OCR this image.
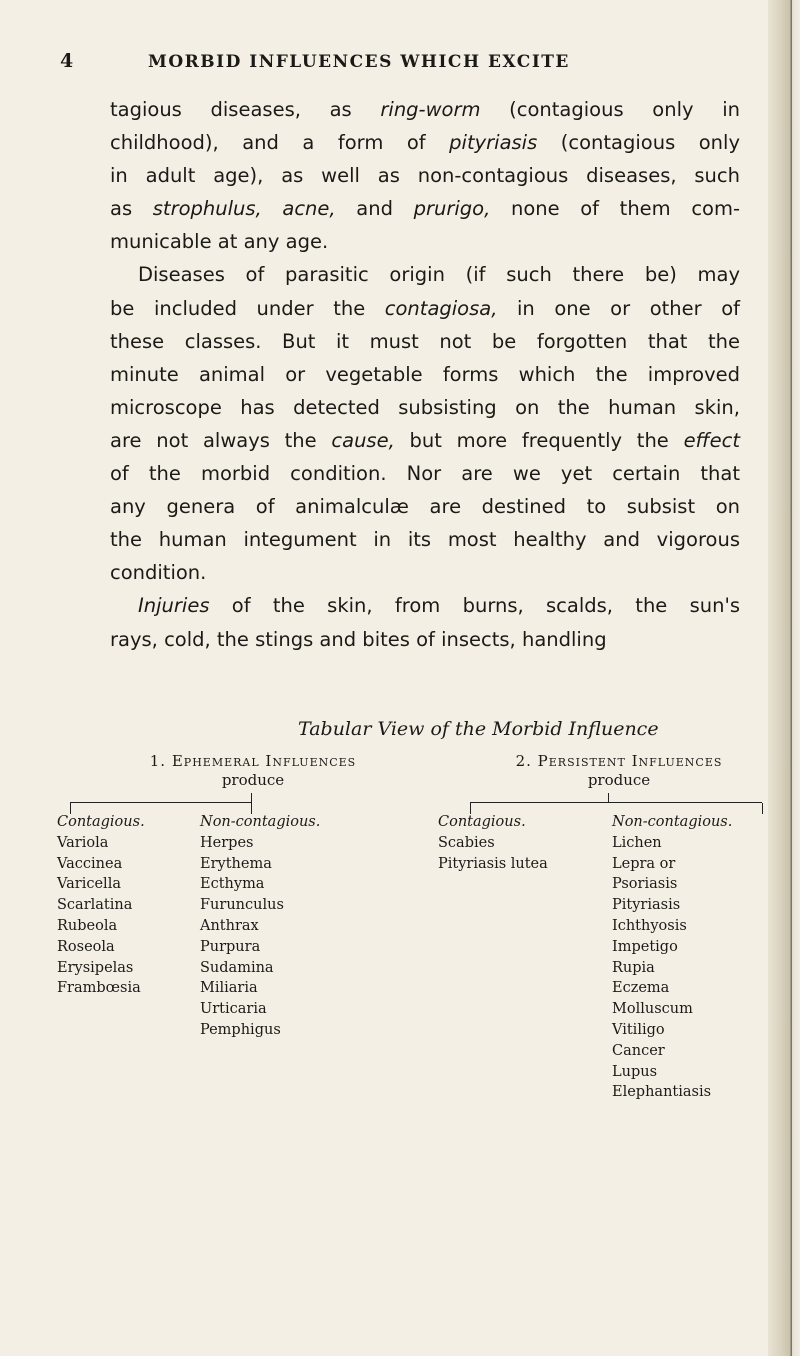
4	MORBID INFLUENCES WHICH EXCITE
tagious diseases, as ring-worm (contagious only in
childhood), and a form of pityriasis (contagious only
in adult age), as well as non-contagious diseases, such
as strophulus, acne, and prurigo, none of them com-
municable at any age.
Diseases of parasitic origin (if such there be) may
be included under the contagiosa, in one or other of
these classes. But it must not be forgotten that the
minute animal or vegetable forms which the improved
microscope has detected subsisting on the human skin,
are not always the cause, but more frequently the effect
of the morbid condition. Nor are we yet certain that
any genera of animalculæ are destined to subsist on
the human integument in its most healthy and vigorous
condition.
Injuries of the skin, from burns, scalds, the sun's
rays, cold, the stings and bites of insects, handling
Tabular View of the Morbid Influence
1. Ephemeral Influences
produce
2. Persistent Influences
produce
Contagious.
Variola
Vaccinea
Varicella
Scarlatina
Rubeola
Roseola
Erysipelas
Frambœsia
Non-contagious.
Herpes
Erythema
Ecthyma
Furunculus
Anthrax
Purpura
Sudamina
Miliaria
Urticaria
Pemphigus
Contagious.
Scabies
Pityriasis lutea
Non-contagious.
Lichen
Lepra or
Psoriasis
Pityriasis
Ichthyosis
Impetigo
Rupia
Eczema
Molluscum
Vitiligo
Cancer
Lupus
Elephantiasis
